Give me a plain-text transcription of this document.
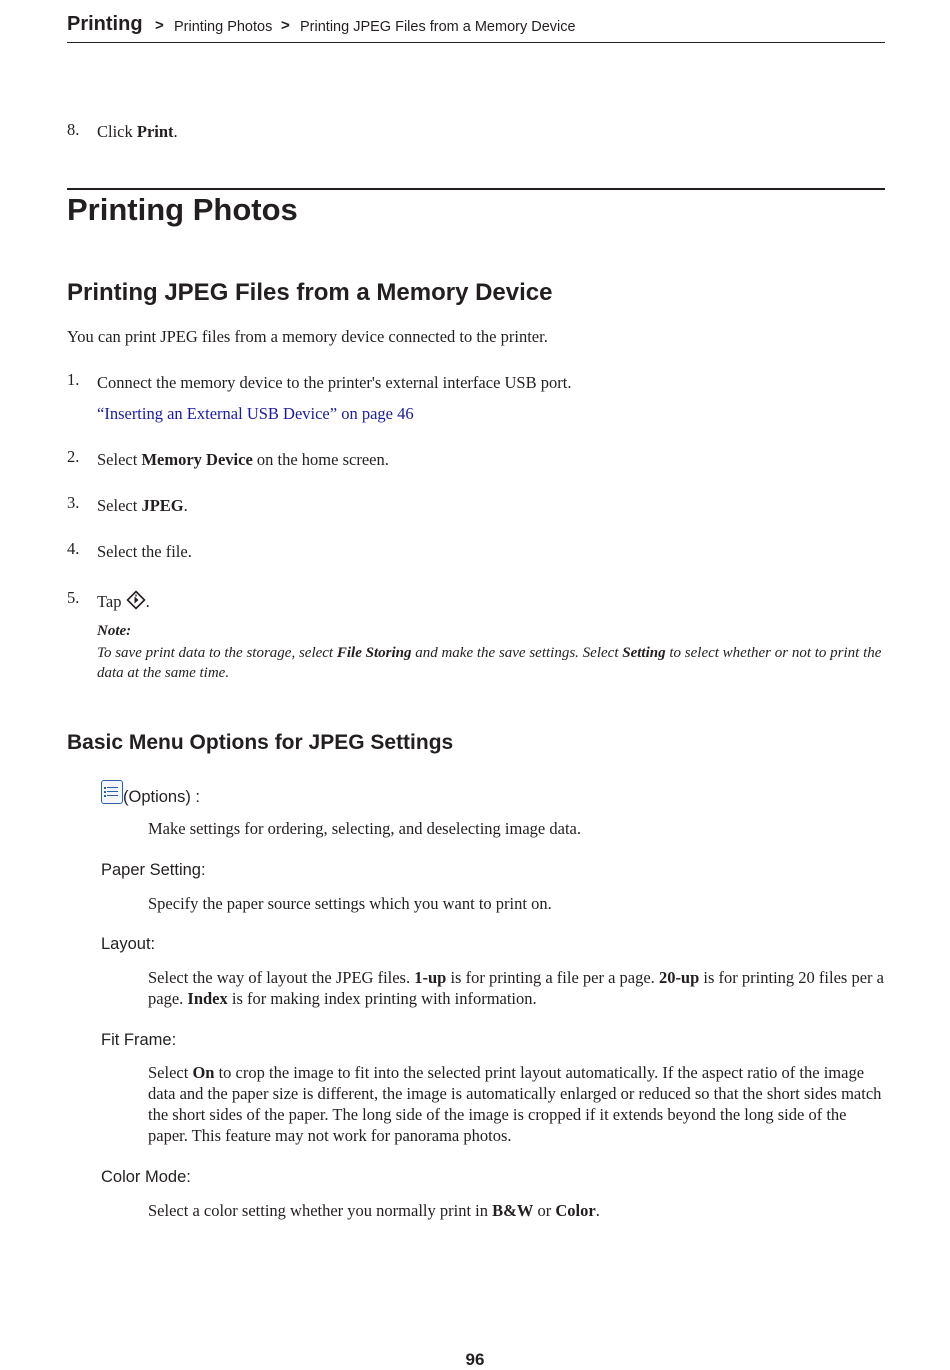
Printing > Printing Photos > Printing JPEG Files from a Memory Device
8. Click Print.
Printing Photos
Printing JPEG Files from a Memory Device
You can print JPEG files from a memory device connected to the printer.
1. Connect the memory device to the printer's external interface USB port.
“Inserting an External USB Device” on page 46
2. Select Memory Device on the home screen.
3. Select JPEG.
4. Select the file.
5. Tap .
Note:
To save print data to the storage, select File Storing and make the save settings. Select Setting to select whether or not to print the data at the same time.
Basic Menu Options for JPEG Settings
(Options) :
Make settings for ordering, selecting, and deselecting image data.
Paper Setting:
Specify the paper source settings which you want to print on.
Layout:
Select the way of layout the JPEG files. 1-up is for printing a file per a page. 20-up is for printing 20 files per a page. Index is for making index printing with information.
Fit Frame:
Select On to crop the image to fit into the selected print layout automatically. If the aspect ratio of the image data and the paper size is different, the image is automatically enlarged or reduced so that the short sides match the short sides of the paper. The long side of the image is cropped if it extends beyond the long side of the paper. This feature may not work for panorama photos.
Color Mode:
Select a color setting whether you normally print in B&W or Color.
96
